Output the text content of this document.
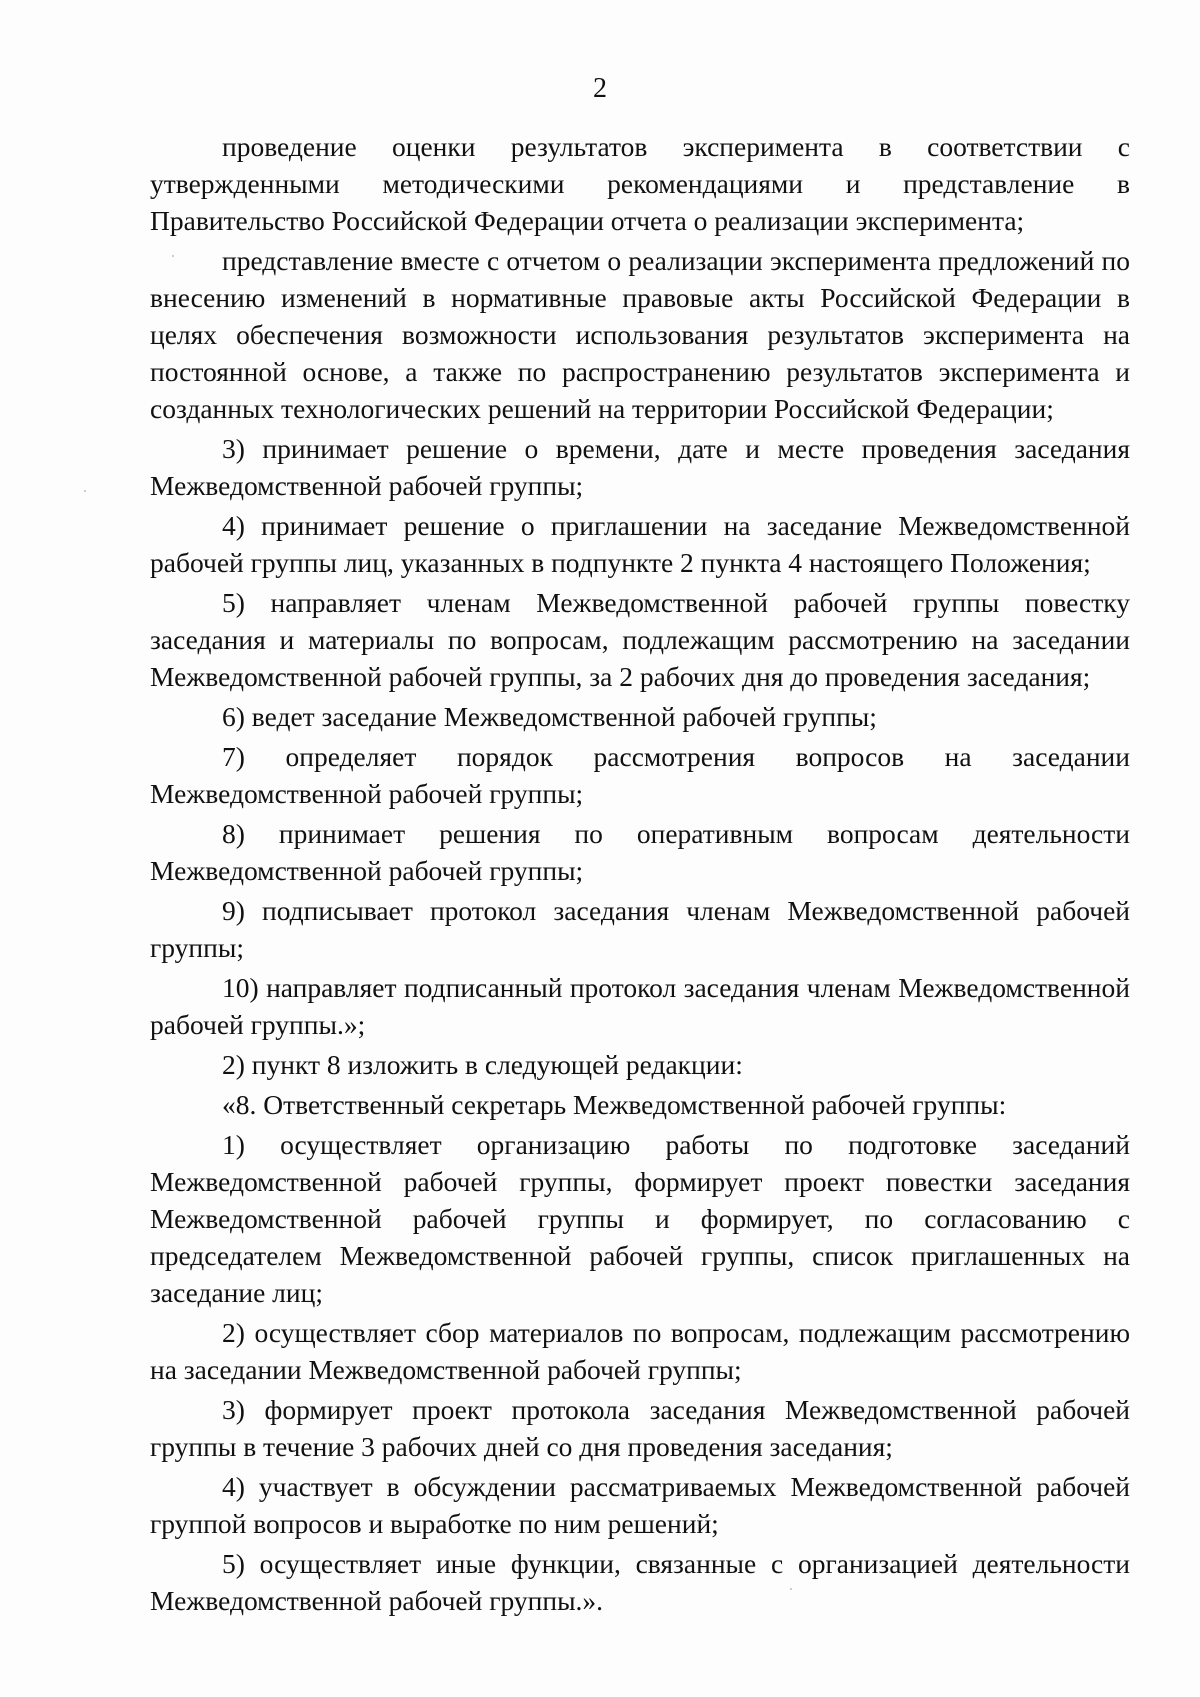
2

проведение оценки результатов эксперимента в соответствии с утвержденными методическими рекомендациями и представление в Правительство Российской Федерации отчета о реализации эксперимента;

представление вместе с отчетом о реализации эксперимента предложений по внесению изменений в нормативные правовые акты Российской Федерации в целях обеспечения возможности использования результатов эксперимента на постоянной основе, а также по распространению результатов эксперимента и созданных технологических решений на территории Российской Федерации;

3) принимает решение о времени, дате и месте проведения заседания Межведомственной рабочей группы;

4) принимает решение о приглашении на заседание Межведомственной рабочей группы лиц, указанных в подпункте 2 пункта 4 настоящего Положения;

5) направляет членам Межведомственной рабочей группы повестку заседания и материалы по вопросам, подлежащим рассмотрению на заседании Межведомственной рабочей группы, за 2 рабочих дня до проведения заседания;

6) ведет заседание Межведомственной рабочей группы;

7) определяет порядок рассмотрения вопросов на заседании Межведомственной рабочей группы;

8) принимает решения по оперативным вопросам деятельности Межведомственной рабочей группы;

9) подписывает протокол заседания членам Межведомственной рабочей группы;

10) направляет подписанный протокол заседания членам Межведомственной рабочей группы.»;

2) пункт 8 изложить в следующей редакции:

«8. Ответственный секретарь Межведомственной рабочей группы:

1) осуществляет организацию работы по подготовке заседаний Межведомственной рабочей группы, формирует проект повестки заседания Межведомственной рабочей группы и формирует, по согласованию с председателем Межведомственной рабочей группы, список приглашенных на заседание лиц;

2) осуществляет сбор материалов по вопросам, подлежащим рассмотрению на заседании Межведомственной рабочей группы;

3) формирует проект протокола заседания Межведомственной рабочей группы в течение 3 рабочих дней со дня проведения заседания;

4) участвует в обсуждении рассматриваемых Межведомственной рабочей группой вопросов и выработке по ним решений;

5) осуществляет иные функции, связанные с организацией деятельности Межведомственной рабочей группы.».
